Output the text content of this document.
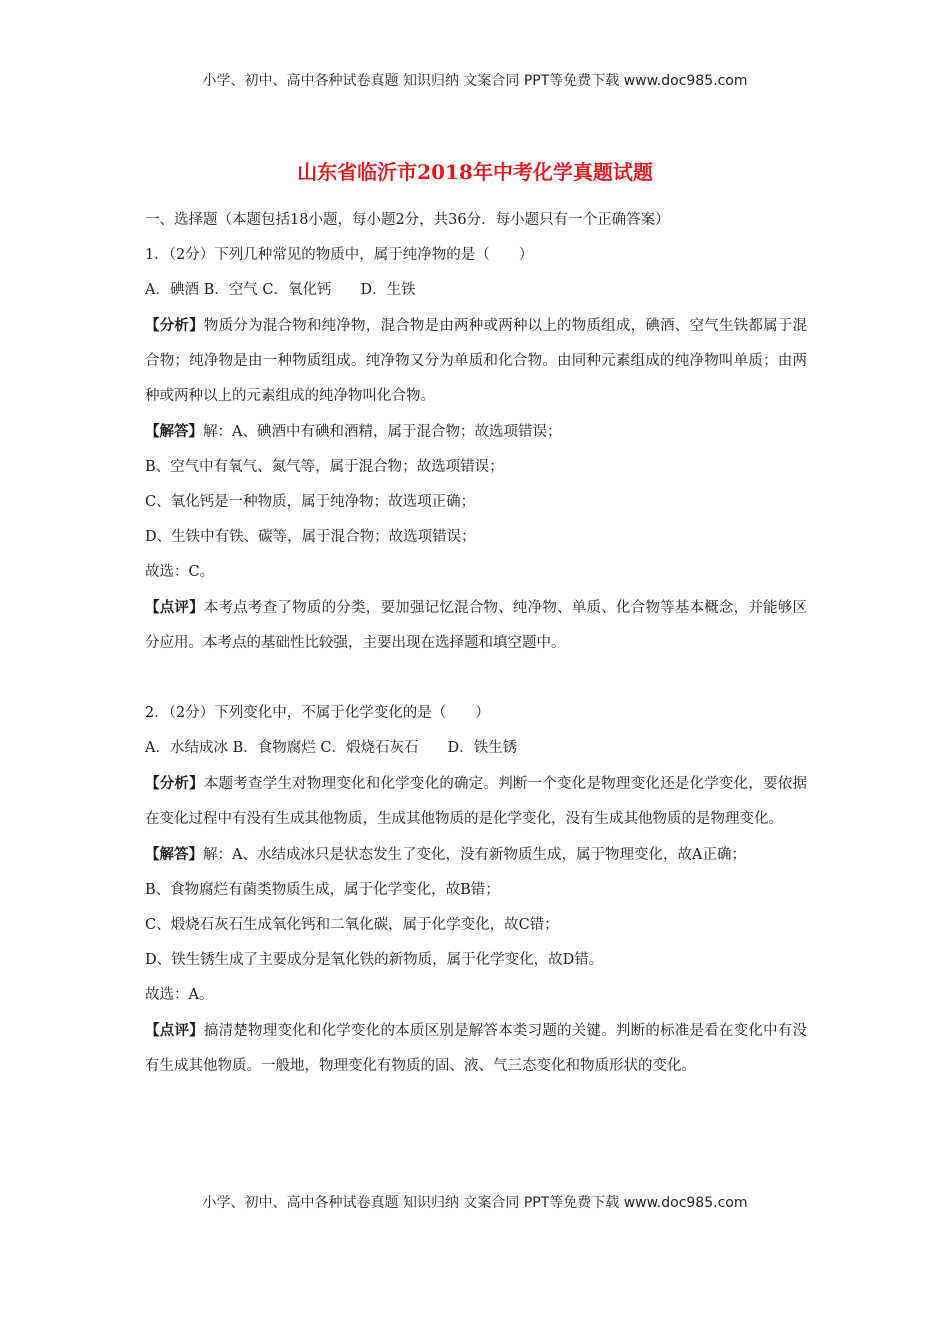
小学、初中、高中各种试卷真题 知识归纳 文案合同 PPT等免费下载 www.doc985.com
山东省临沂市2018年中考化学真题试题

一、选择题（本题包括18小题，每小题2分，共36分．每小题只有一个正确答案）

1．（2分）下列几种常见的物质中，属于纯净物的是（　　）

A．碘酒 B．空气 C．氧化钙　　D．生铁

【分析】物质分为混合物和纯净物，混合物是由两种或两种以上的物质组成，碘酒、空气生铁都属于混合物；纯净物是由一种物质组成。纯净物又分为单质和化合物。由同种元素组成的纯净物叫单质；由两种或两种以上的元素组成的纯净物叫化合物。

【解答】解：A、碘酒中有碘和酒精，属于混合物；故选项错误；

B、空气中有氧气、氮气等，属于混合物；故选项错误；

C、氧化钙是一种物质，属于纯净物；故选项正确；

D、生铁中有铁、碳等，属于混合物；故选项错误；

故选：C。

【点评】本考点考查了物质的分类，要加强记忆混合物、纯净物、单质、化合物等基本概念，并能够区分应用。本考点的基础性比较强，主要出现在选择题和填空题中。

2．（2分）下列变化中，不属于化学变化的是（　　）

A．水结成冰 B．食物腐烂 C．煅烧石灰石　　D．铁生锈

【分析】本题考查学生对物理变化和化学变化的确定。判断一个变化是物理变化还是化学变化，要依据在变化过程中有没有生成其他物质，生成其他物质的是化学变化，没有生成其他物质的是物理变化。

【解答】解：A、水结成冰只是状态发生了变化，没有新物质生成，属于物理变化，故A正确；

B、食物腐烂有菌类物质生成，属于化学变化，故B错；

C、煅烧石灰石生成氧化钙和二氧化碳，属于化学变化，故C错；

D、铁生锈生成了主要成分是氧化铁的新物质，属于化学变化，故D错。

故选：A。

【点评】搞清楚物理变化和化学变化的本质区别是解答本类习题的关键。判断的标准是看在变化中有没有生成其他物质。一般地，物理变化有物质的固、液、气三态变化和物质形状的变化。

小学、初中、高中各种试卷真题 知识归纳 文案合同 PPT等免费下载 www.doc985.com
